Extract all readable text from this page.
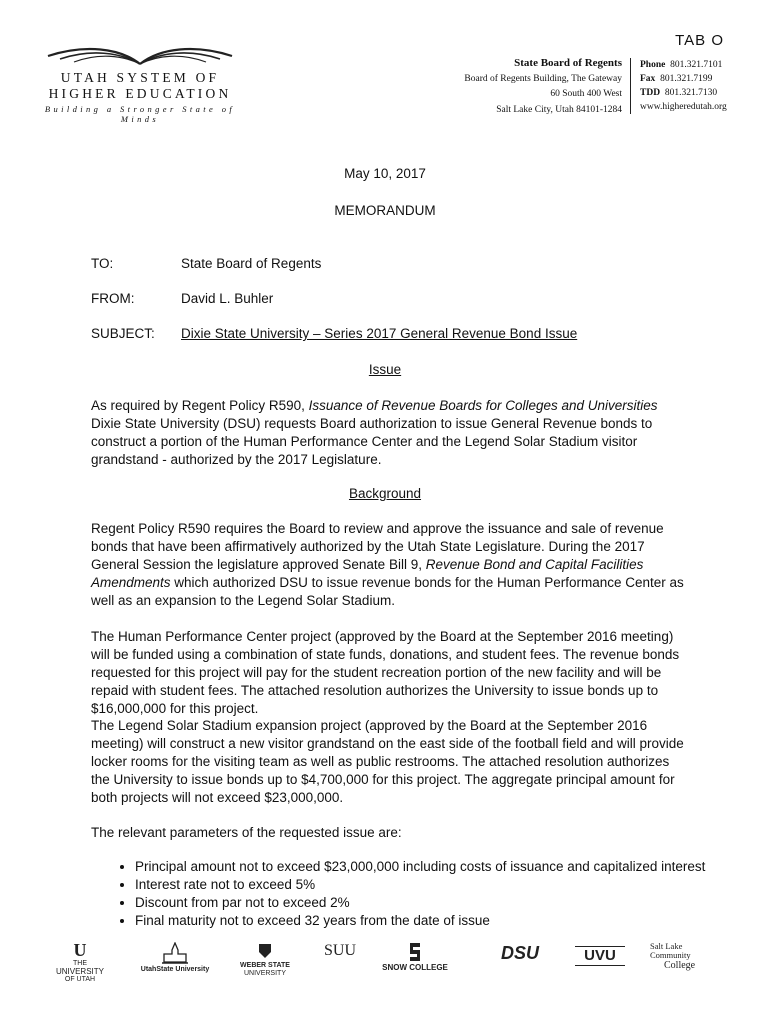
TAB O
UTAH SYSTEM OF
HIGHER EDUCATION
Building a Stronger State of Minds
State Board of Regents
Board of Regents Building, The Gateway
60 South 400 West
Salt Lake City, Utah 84101-1284
Phone 801.321.7101
Fax 801.321.7199
TDD 801.321.7130
www.higheredutah.org
May 10, 2017
MEMORANDUM
TO:	State Board of Regents
FROM:	David L. Buhler
SUBJECT: Dixie State University – Series 2017 General Revenue Bond Issue
Issue

As required by Regent Policy R590, Issuance of Revenue Boards for Colleges and Universities Dixie State University (DSU) requests Board authorization to issue General Revenue bonds to construct a portion of the Human Performance Center and the Legend Solar Stadium visitor grandstand - authorized by the 2017 Legislature.

Background

Regent Policy R590 requires the Board to review and approve the issuance and sale of revenue bonds that have been affirmatively authorized by the Utah State Legislature. During the 2017 General Session the legislature approved Senate Bill 9, Revenue Bond and Capital Facilities Amendments which authorized DSU to issue revenue bonds for the Human Performance Center as well as an expansion to the Legend Solar Stadium.

The Human Performance Center project (approved by the Board at the September 2016 meeting) will be funded using a combination of state funds, donations, and student fees. The revenue bonds requested for this project will pay for the student recreation portion of the new facility and will be repaid with student fees. The attached resolution authorizes the University to issue bonds up to $16,000,000 for this project.

The Legend Solar Stadium expansion project (approved by the Board at the September 2016 meeting) will construct a new visitor grandstand on the east side of the football field and will provide locker rooms for the visiting team as well as public restrooms. The attached resolution authorizes the University to issue bonds up to $4,700,000 for this project. The aggregate principal amount for both projects will not exceed $23,000,000.

The relevant parameters of the requested issue are:

• Principal amount not to exceed $23,000,000 including costs of issuance and capitalized interest
• Interest rate not to exceed 5%
• Discount from par not to exceed 2%
• Final maturity not to exceed 32 years from the date of issue
U
THE
UNIVERSITY
OF UTAH
UtahState University
WEBER STATE
UNIVERSITY
SUU
SNOW COLLEGE
DSU	UVU
Salt Lake
Community
College
